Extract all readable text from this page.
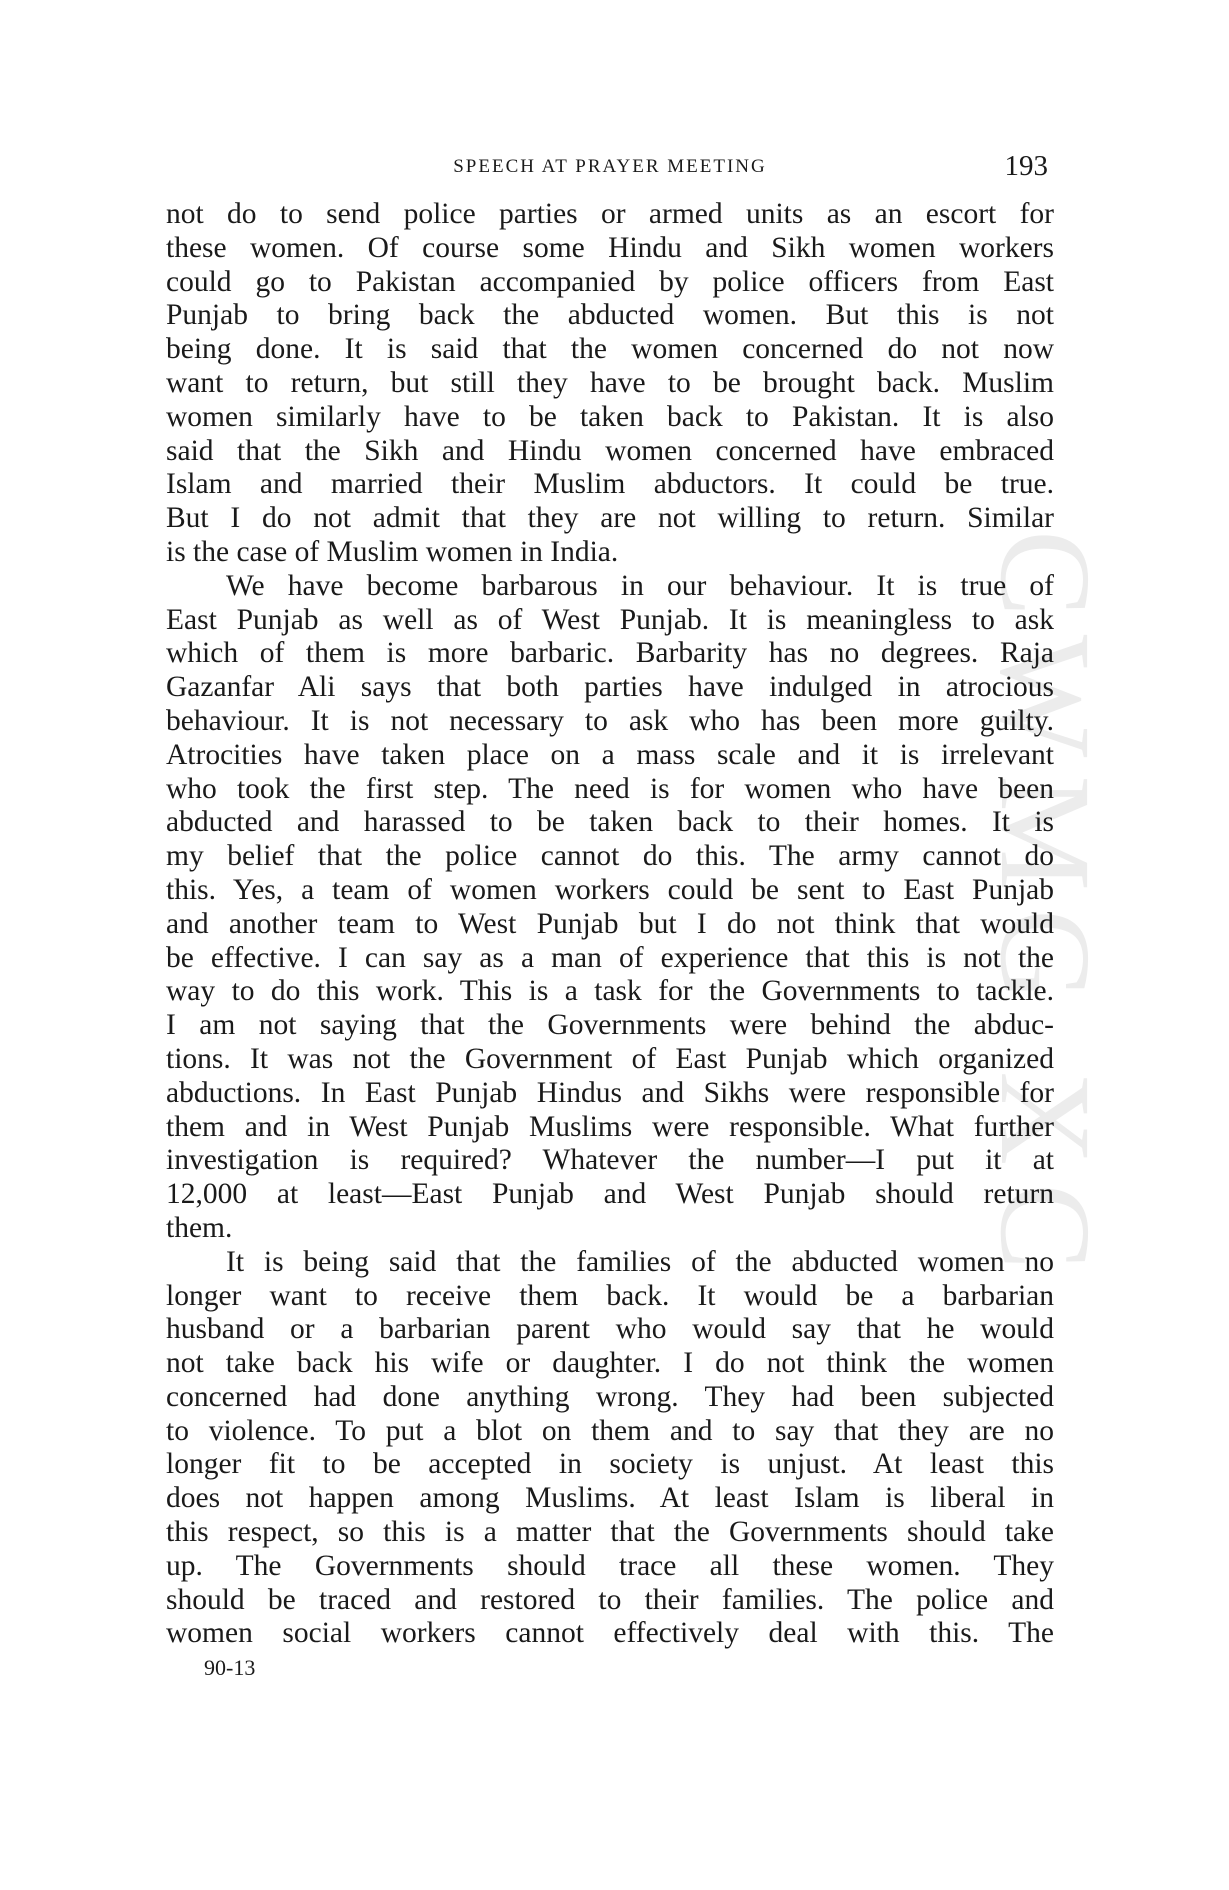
CWMG XC
SPEECH AT PRAYER MEETING	193
not do to send police parties or armed units as an escort for
these women. Of course some Hindu and Sikh women workers
could go to Pakistan accompanied by police officers from East
Punjab to bring back the abducted women. But this is not
being done. It is said that the women concerned do not now
want to return, but still they have to be brought back. Muslim
women similarly have to be taken back to Pakistan. It is also
said that the Sikh and Hindu women concerned have embraced
Islam and married their Muslim abductors. It could be true.
But I do not admit that they are not willing to return. Similar
is the case of Muslim women in India.
We have become barbarous in our behaviour. It is true of
East Punjab as well as of West Punjab. It is meaningless to ask
which of them is more barbaric. Barbarity has no degrees. Raja
Gazanfar Ali says that both parties have indulged in atrocious
behaviour. It is not necessary to ask who has been more guilty.
Atrocities have taken place on a mass scale and it is irrelevant
who took the first step. The need is for women who have been
abducted and harassed to be taken back to their homes. It is
my belief that the police cannot do this. The army cannot do
this. Yes, a team of women workers could be sent to East Punjab
and another team to West Punjab but I do not think that would
be effective. I can say as a man of experience that this is not the
way to do this work. This is a task for the Governments to tackle.
I am not saying that the Governments were behind the abduc-
tions. It was not the Government of East Punjab which organized
abductions. In East Punjab Hindus and Sikhs were responsible for
them and in West Punjab Muslims were responsible. What further
investigation is required? Whatever the number—I put it at
12,000 at least—East Punjab and West Punjab should return
them.
It is being said that the families of the abducted women no
longer want to receive them back. It would be a barbarian
husband or a barbarian parent who would say that he would
not take back his wife or daughter. I do not think the women
concerned had done anything wrong. They had been subjected
to violence. To put a blot on them and to say that they are no
longer fit to be accepted in society is unjust. At least this
does not happen among Muslims. At least Islam is liberal in
this respect, so this is a matter that the Governments should take
up. The Governments should trace all these women. They
should be traced and restored to their families. The police and
women social workers cannot effectively deal with this. The
90-13
